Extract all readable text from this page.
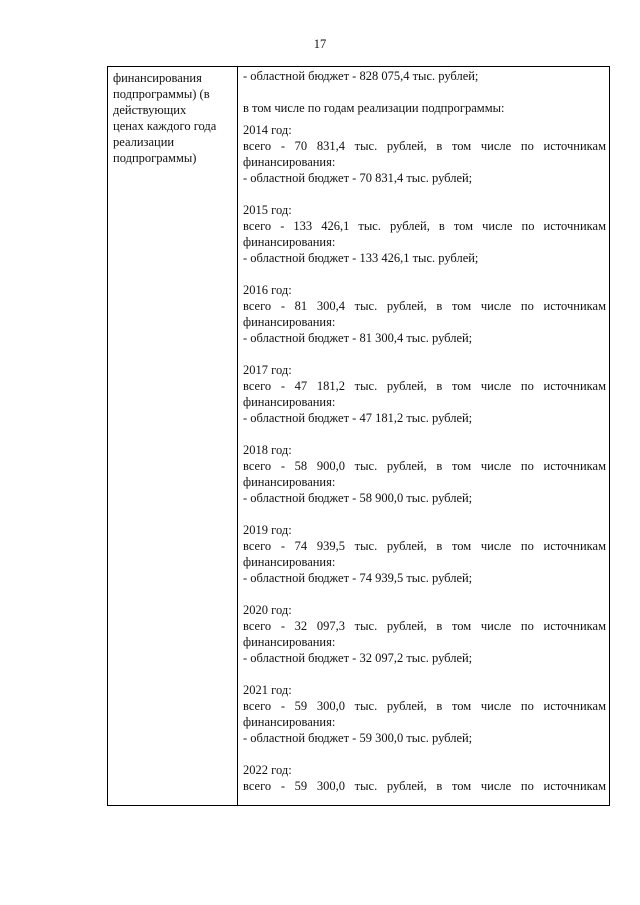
17
финансирования
подпрограммы) (в
действующих
ценах каждого года
реализации
подпрограммы)
- областной бюджет - 828 075,4 тыс. рублей;
в том числе по годам реализации подпрограммы:
2014 год:
всего - 70 831,4 тыс. рублей, в том числе по источникам
финансирования:
- областной бюджет - 70 831,4 тыс. рублей;
2015 год:
всего - 133 426,1 тыс. рублей, в том числе по источникам
финансирования:
- областной бюджет - 133 426,1 тыс. рублей;
2016 год:
всего - 81 300,4 тыс. рублей, в том числе по источникам
финансирования:
- областной бюджет - 81 300,4 тыс. рублей;
2017 год:
всего - 47 181,2 тыс. рублей, в том числе по источникам
финансирования:
- областной бюджет - 47 181,2 тыс. рублей;
2018 год:
всего - 58 900,0 тыс. рублей, в том числе по источникам
финансирования:
- областной бюджет - 58 900,0 тыс. рублей;
2019 год:
всего - 74 939,5 тыс. рублей, в том числе по источникам
финансирования:
- областной бюджет - 74 939,5 тыс. рублей;
2020 год:
всего - 32 097,3 тыс. рублей, в том числе по источникам
финансирования:
- областной бюджет - 32 097,2 тыс. рублей;
2021 год:
всего - 59 300,0 тыс. рублей, в том числе по источникам
финансирования:
- областной бюджет - 59 300,0 тыс. рублей;
2022 год:
всего - 59 300,0 тыс. рублей, в том числе по источникам
